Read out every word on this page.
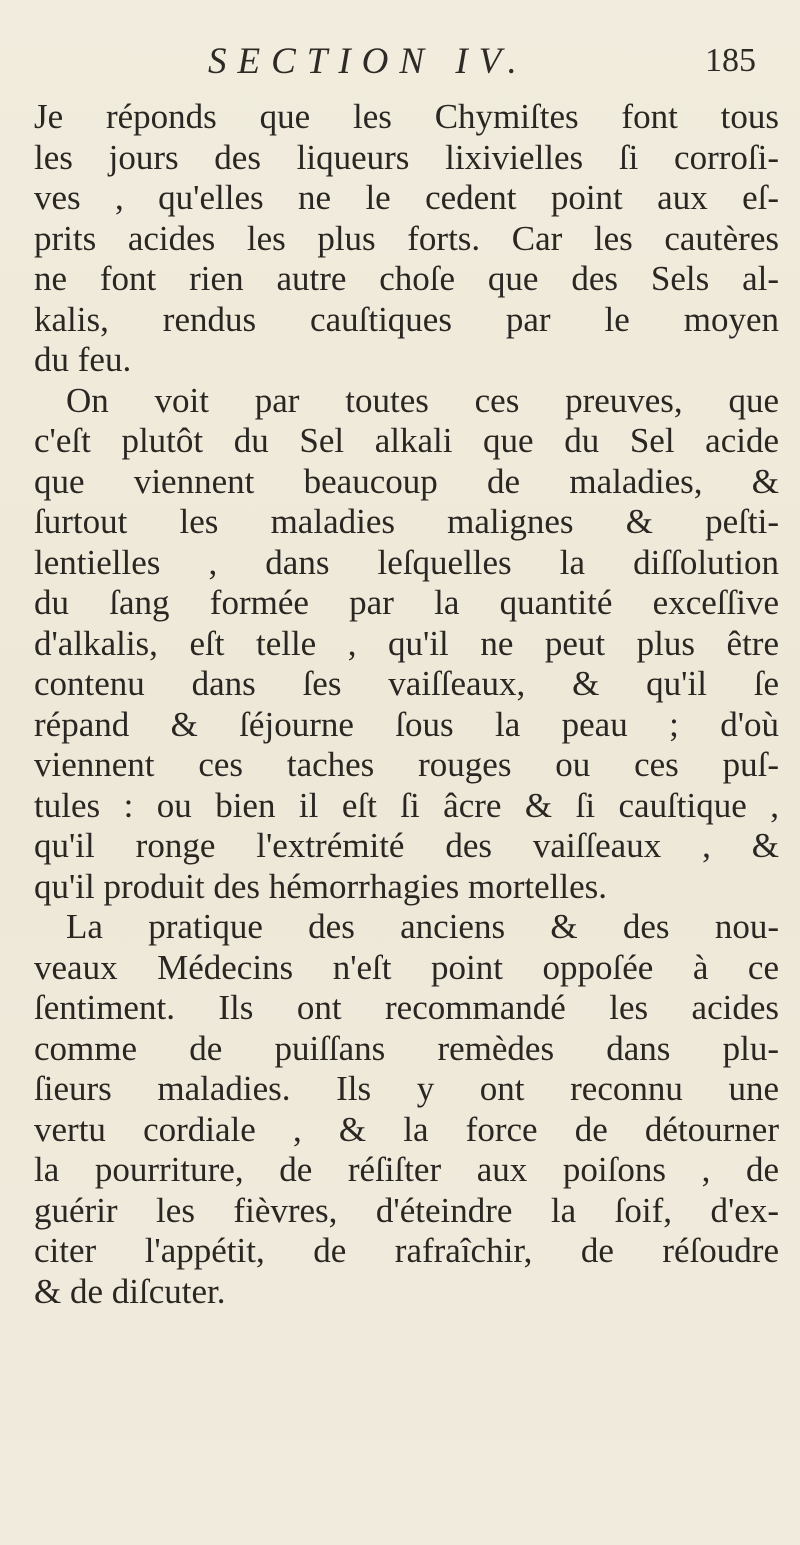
SECTION IV.	185
Je réponds que les Chymiſtes font tous
les jours des liqueurs lixivielles ſi corroſi-
ves , qu'elles ne le cedent point aux eſ-
prits acides les plus forts. Car les cautères
ne font rien autre choſe que des Sels al-
kalis, rendus cauſtiques par le moyen
du feu.
On voit par toutes ces preuves, que
c'eſt plutôt du Sel alkali que du Sel acide
que viennent beaucoup de maladies, &
ſurtout les maladies malignes & peſti-
lentielles , dans leſquelles la diſſolution
du ſang formée par la quantité exceſſive
d'alkalis, eſt telle , qu'il ne peut plus être
contenu dans ſes vaiſſeaux, & qu'il ſe
répand & ſéjourne ſous la peau ; d'où
viennent ces taches rouges ou ces puſ-
tules : ou bien il eſt ſi âcre & ſi cauſtique ,
qu'il ronge l'extrémité des vaiſſeaux , &
qu'il produit des hémorrhagies mortelles.
La pratique des anciens & des nou-
veaux Médecins n'eſt point oppoſée à ce
ſentiment. Ils ont recommandé les acides
comme de puiſſans remèdes dans plu-
ſieurs maladies. Ils y ont reconnu une
vertu cordiale , & la force de détourner
la pourriture, de réſiſter aux poiſons , de
guérir les fièvres, d'éteindre la ſoif, d'ex-
citer l'appétit, de rafraîchir, de réſoudre
& de diſcuter.
